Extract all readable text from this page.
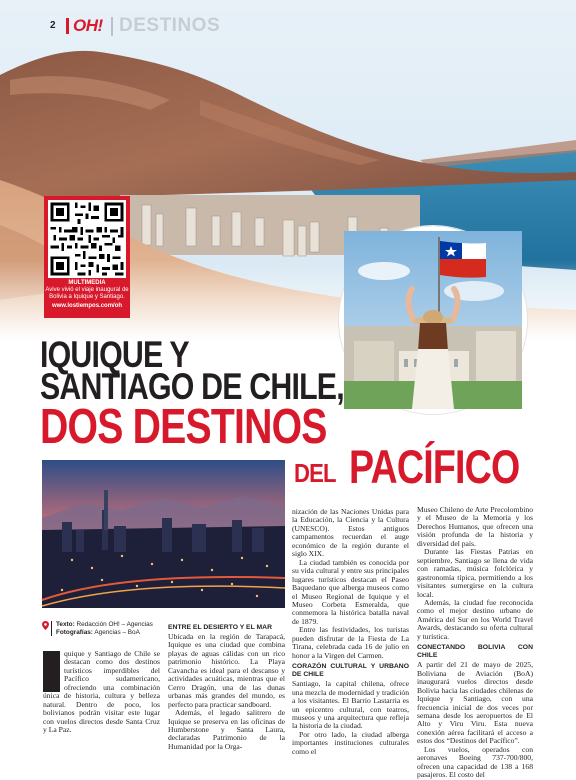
2 OH! DESTINOS
MULTIMEDIA
Avive vivió el viaje inaugural de Bolivia a Iquique y Santiago.
www.lostiempos.com/oh
IQUIQUE Y
SANTIAGO DE CHILE,
DOS DESTINOS
DEL PACÍFICO
Texto: Redacción OH! – Agencias
Fotografías: Agencias – BoA

quique y Santiago de Chile se destacan como dos destinos turísticos imperdibles del Pacífico sudamericano, ofreciendo una combinación única de historia, cultura y belleza natural. Dentro de poco, los bolivianos podrán visitar este lugar con vuelos directos desde Santa Cruz y La Paz.

ENTRE EL DESIERTO Y EL MAR

Ubicada en la región de Tarapacá, Iquique es una ciudad que combina playas de aguas cálidas con un rico patrimonio histórico. La Playa Cavancha es ideal para el descanso y actividades acuáticas, mientras que el Cerro Dragón, una de las dunas urbanas más grandes del mundo, es perfecto para practicar sandboard.

Además, el legado salitrero de Iquique se preserva en las oficinas de Humberstone y Santa Laura, declaradas Patrimonio de la Humanidad por la Orga-

nización de las Naciones Unidas para la Educación, la Ciencia y la Cultura (UNESCO). Estos antiguos campamentos recuerdan el auge económico de la región durante el siglo XIX.

La ciudad también es conocida por su vida cultural y entre sus principales lugares turísticos destacan el Paseo Baquedano que alberga museos como el Museo Regional de Iquique y el Museo Corbeta Esmeralda, que conmemora la histórica batalla naval de 1879.

Entre las festividades, los turistas pueden disfrutar de la Fiesta de La Tirana, celebrada cada 16 de julio en honor a la Virgen del Carmen.

CORAZÓN CULTURAL Y URBANO DE CHILE

Santiago, la capital chilena, ofrece una mezcla de modernidad y tradición a los visitantes. El Barrio Lastarria es un epicentro cultural, con teatros, museos y una arquitectura que refleja la historia de la ciudad.

Por otro lado, la ciudad alberga importantes instituciones culturales como el

Museo Chileno de Arte Precolombino y el Museo de la Memoria y los Derechos Humanos, que ofrecen una visión profunda de la historia y diversidad del país.

Durante las Fiestas Patrias en septiembre, Santiago se llena de vida con ramadas, música folclórica y gastronomía típica, permitiendo a los visitantes sumergirse en la cultura local.

Además, la ciudad fue reconocida como el mejor destino urbano de América del Sur en los World Travel Awards, destacando su oferta cultural y turística.

CONECTANDO BOLIVIA CON CHILE

A partir del 21 de mayo de 2025, Boliviana de Aviación (BoA) inaugurará vuelos directos desde Bolivia hacia las ciudades chilenas de Iquique y Santiago, con una frecuencia inicial de dos veces por semana desde los aeropuertos de El Alto y Viru Viru. Esta nueva conexión aérea facilitará el acceso a estos dos “Destinos del Pacífico”.

Los vuelos, operados con aeronaves Boeing 737-700/800, ofrecen una capacidad de 138 a 168 pasajeros. El costo del
